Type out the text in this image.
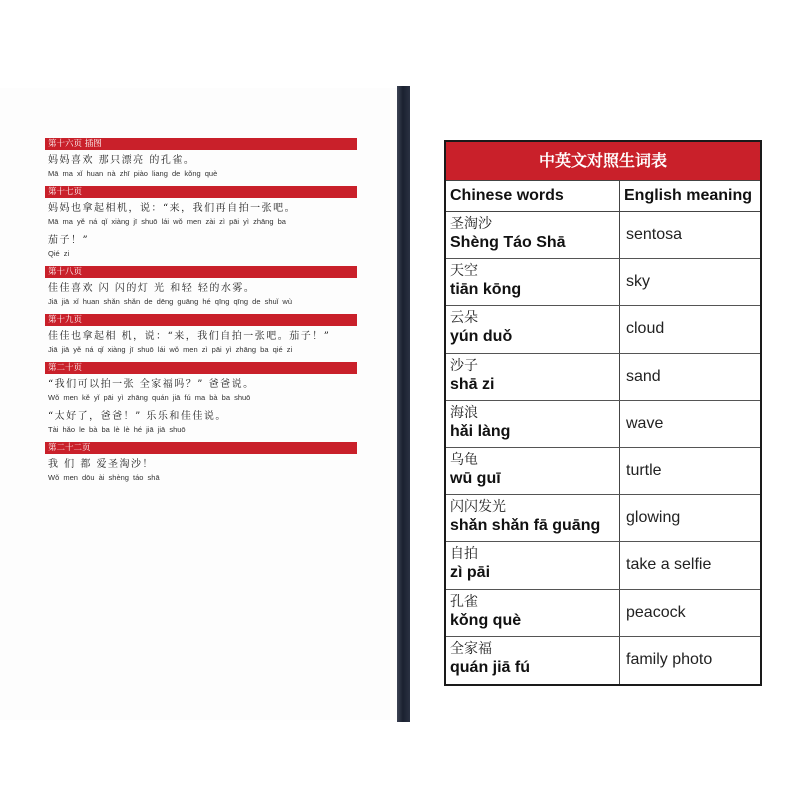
第十六页 插图
妈妈喜欢 那只漂亮 的孔雀。
Mā ma xǐ huan nà zhī piào liang de kǒng què
第十七页
妈妈也拿起相机，说：“来，我们再自拍一张吧。
Mā ma yě ná qǐ xiàng jī shuō lái wǒ men zài zì pāi yì zhāng ba
茄子！”
Qié zi
第十八页
佳佳喜欢 闪 闪的灯 光 和轻 轻的水雾。
Jiā jiā xǐ huan shǎn shǎn de dēng guāng hé qīng qīng de shuǐ wù
第十九页
佳佳也拿起相 机，说：“来，我们自拍一张吧。茄子！”
Jiā jiā yě ná qǐ xiàng jī shuō lái wǒ men zì pāi yì zhāng ba qié zi
第二十页
“我们可以拍一张 全家福吗？” 爸爸说。
Wǒ men kě yǐ pāi yì zhāng quán jiā fú ma bà ba shuō
“太好了，爸爸！” 乐乐和佳佳说。
Tài hǎo le bà ba lè lè hé jiā jiā shuō
第二十二页
我 们 都 爱圣淘沙！
Wǒ men dōu ài shèng táo shā
中英文对照生词表
Chinese words	English meaning
圣淘沙
Shèng Táo Shā	sentosa
天空
tiān kōng	sky
云朵
yún duǒ	cloud
沙子
shā zi	sand
海浪
hǎi làng	wave
乌龟
wū guī	turtle
闪闪发光
shǎn shǎn fā guāng	glowing
自拍
zì pāi	take a selfie
孔雀
kǒng què	peacock
全家福
quán jiā fú	family photo
